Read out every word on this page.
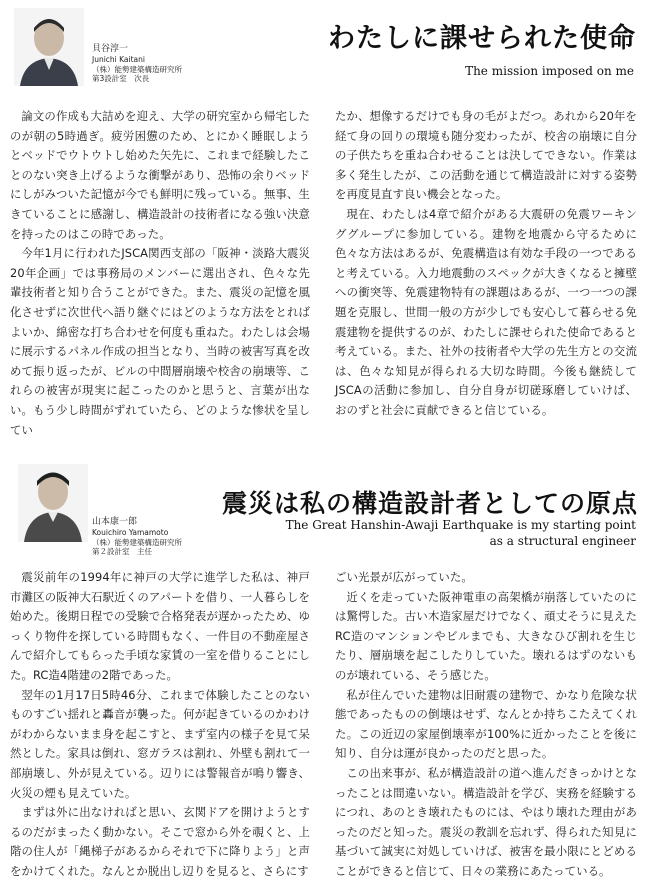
貝谷淳一
Junichi Kaitani
（株）能勢建築構造研究所
第3設計室　次長
わたしに課せられた使命
The mission imposed on me

論文の作成も大詰めを迎え、大学の研究室から帰宅したのが朝の5時過ぎ。疲労困憊のため、とにかく睡眠しようとベッドでウトウトし始めた矢先に、これまで経験したことのない突き上げるような衝撃があり、恐怖の余りベッドにしがみついた記憶が今でも鮮明に残っている。無事、生きていることに感謝し、構造設計の技術者になる強い決意を持ったのはこの時であった。

今年1月に行われたJSCA関西支部の「阪神・淡路大震災20年企画」では事務局のメンバーに選出され、色々な先輩技術者と知り合うことができた。また、震災の記憶を風化させずに次世代へ語り継ぐにはどのような方法をとればよいか、綿密な打ち合わせを何度も重ねた。わたしは会場に展示するパネル作成の担当となり、当時の被害写真を改めて振り返ったが、ビルの中間層崩壊や校舎の崩壊等、これらの被害が現実に起こったのかと思うと、言葉が出ない。もう少し時間がずれていたら、どのような惨状を呈してい

たか、想像するだけでも身の毛がよだつ。あれから20年を経て身の回りの環境も随分変わったが、校舎の崩壊に自分の子供たちを重ね合わせることは決してできない。作業は多く発生したが、この活動を通じて構造設計に対する姿勢を再度見直す良い機会となった。

現在、わたしは4章で紹介がある大震研の免震ワーキンググループに参加している。建物を地震から守るために色々な方法はあるが、免震構造は有効な手段の一つであると考えている。入力地震動のスペックが大きくなると擁壁への衝突等、免震建物特有の課題はあるが、一つ一つの課題を克服し、世間一般の方が少しでも安心して暮らせる免震建物を提供するのが、わたしに課せられた使命であると考えている。また、社外の技術者や大学の先生方との交流は、色々な知見が得られる大切な時間。今後も継続してJSCAの活動に参加し、自分自身が切磋琢磨していけば、おのずと社会に貢献できると信じている。

山本康一郎
Kouichiro Yamamoto
（株）能勢建築構造研究所
第２設計室　主任
震災は私の構造設計者としての原点
The Great Hanshin-Awaji Earthquake is my starting point
as a structural engineer

震災前年の1994年に神戸の大学に進学した私は、神戸市灘区の阪神大石駅近くのアパートを借り、一人暮らしを始めた。後期日程での受験で合格発表が遅かったため、ゆっくり物件を探している時間もなく、一件目の不動産屋さんで紹介してもらった手頃な家賃の一室を借りることにした。RC造4階建の2階であった。

翌年の1月17日5時46分、これまで体験したことのないものすごい揺れと轟音が襲った。何が起きているのかわけがわからないまま身を起こすと、まず室内の様子を見て呆然とした。家具は倒れ、窓ガラスは割れ、外壁も割れて一部崩壊し、外が見えている。辺りには警報音が鳴り響き、火災の煙も見えていた。

まずは外に出なければと思い、玄関ドアを開けようとするのだがまったく動かない。そこで窓から外を覗くと、上階の住人が「縄梯子があるからそれで下に降りよう」と声をかけてくれた。なんとか脱出し辺りを見ると、さらにす

ごい光景が広がっていた。

近くを走っていた阪神電車の高架橋が崩落していたのには驚愕した。古い木造家屋だけでなく、頑丈そうに見えたRC造のマンションやビルまでも、大きなひび割れを生じたり、層崩壊を起こしたりしていた。壊れるはずのないものが壊れている、そう感じた。

私が住んでいた建物は旧耐震の建物で、かなり危険な状態であったものの倒壊はせず、なんとか持ちこたえてくれた。この近辺の家屋倒壊率が100%に近かったことを後に知り、自分は運が良かったのだと思った。

この出来事が、私が構造設計の道へ進んだきっかけとなったことは間違いない。構造設計を学び、実務を経験するにつれ、あのとき壊れたものには、やはり壊れた理由があったのだと知った。震災の教訓を忘れず、得られた知見に基づいて誠実に対処していけば、被害を最小限にとどめることができると信じて、日々の業務にあたっている。
